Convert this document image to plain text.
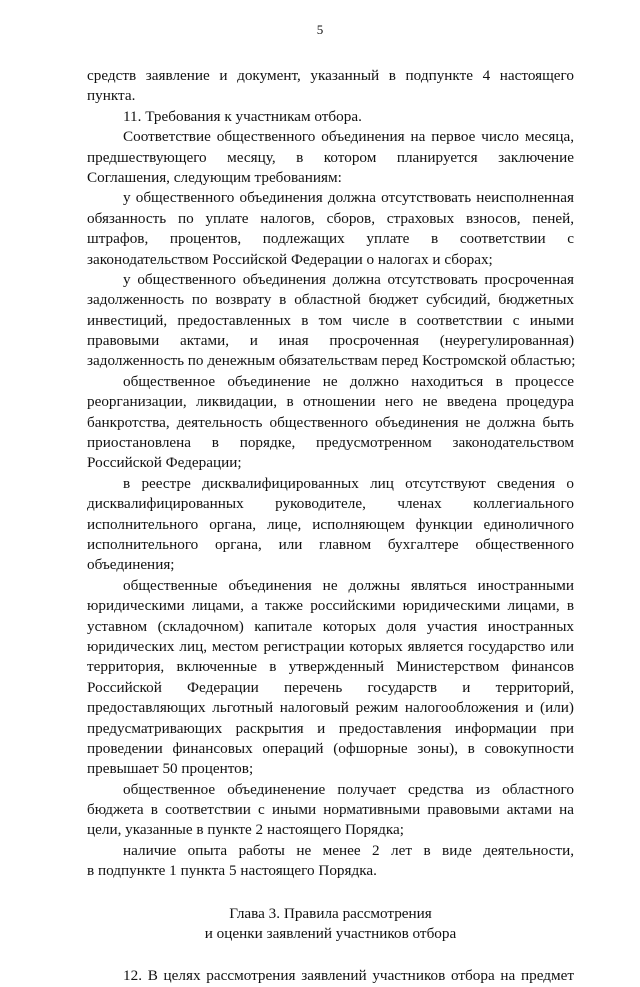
5
средств заявление и документ, указанный в подпункте 4 настоящего
пункта.
11. Требования к участникам отбора.
Соответствие общественного объединения на первое число месяца,
предшествующего месяцу, в котором планируется заключение
Соглашения, следующим требованиям:
у общественного объединения должна отсутствовать неисполненная
обязанность по уплате налогов, сборов, страховых взносов, пеней,
штрафов, процентов, подлежащих уплате в соответствии с
законодательством Российской Федерации о налогах и сборах;
у общественного объединения должна отсутствовать просроченная
задолженность по возврату в областной бюджет субсидий, бюджетных
инвестиций, предоставленных в том числе в соответствии с иными
правовыми актами, и иная просроченная (неурегулированная)
задолженность по денежным обязательствам перед Костромской областью;
общественное объединение не должно находиться в процессе
реорганизации, ликвидации, в отношении него не введена процедура
банкротства, деятельность общественного объединения не должна быть
приостановлена в порядке, предусмотренном законодательством
Российской Федерации;
в реестре дисквалифицированных лиц отсутствуют сведения о
дисквалифицированных руководителе, членах коллегиального
исполнительного органа, лице, исполняющем функции единоличного
исполнительного органа, или главном бухгалтере общественного
объединения;
общественные объединения не должны являться иностранными
юридическими лицами, а также российскими юридическими лицами, в
уставном (складочном) капитале которых доля участия иностранных
юридических лиц, местом регистрации которых является государство или
территория, включенные в утвержденный Министерством финансов
Российской Федерации перечень государств и территорий,
предоставляющих льготный налоговый режим налогообложения и (или)
предусматривающих раскрытия и предоставления информации при
проведении финансовых операций (офшорные зоны), в совокупности
превышает 50 процентов;
общественное объединенение получает средства из областного
бюджета в соответствии с иными нормативными правовыми актами на
цели, указанные в пункте 2 настоящего Порядка;
наличие опыта работы не менее 2 лет в виде деятельности,
в подпункте 1 пункта 5 настоящего Порядка.
Глава 3. Правила рассмотрения
и оценки заявлений участников отбора
12. В целях рассмотрения заявлений участников отбора на предмет
